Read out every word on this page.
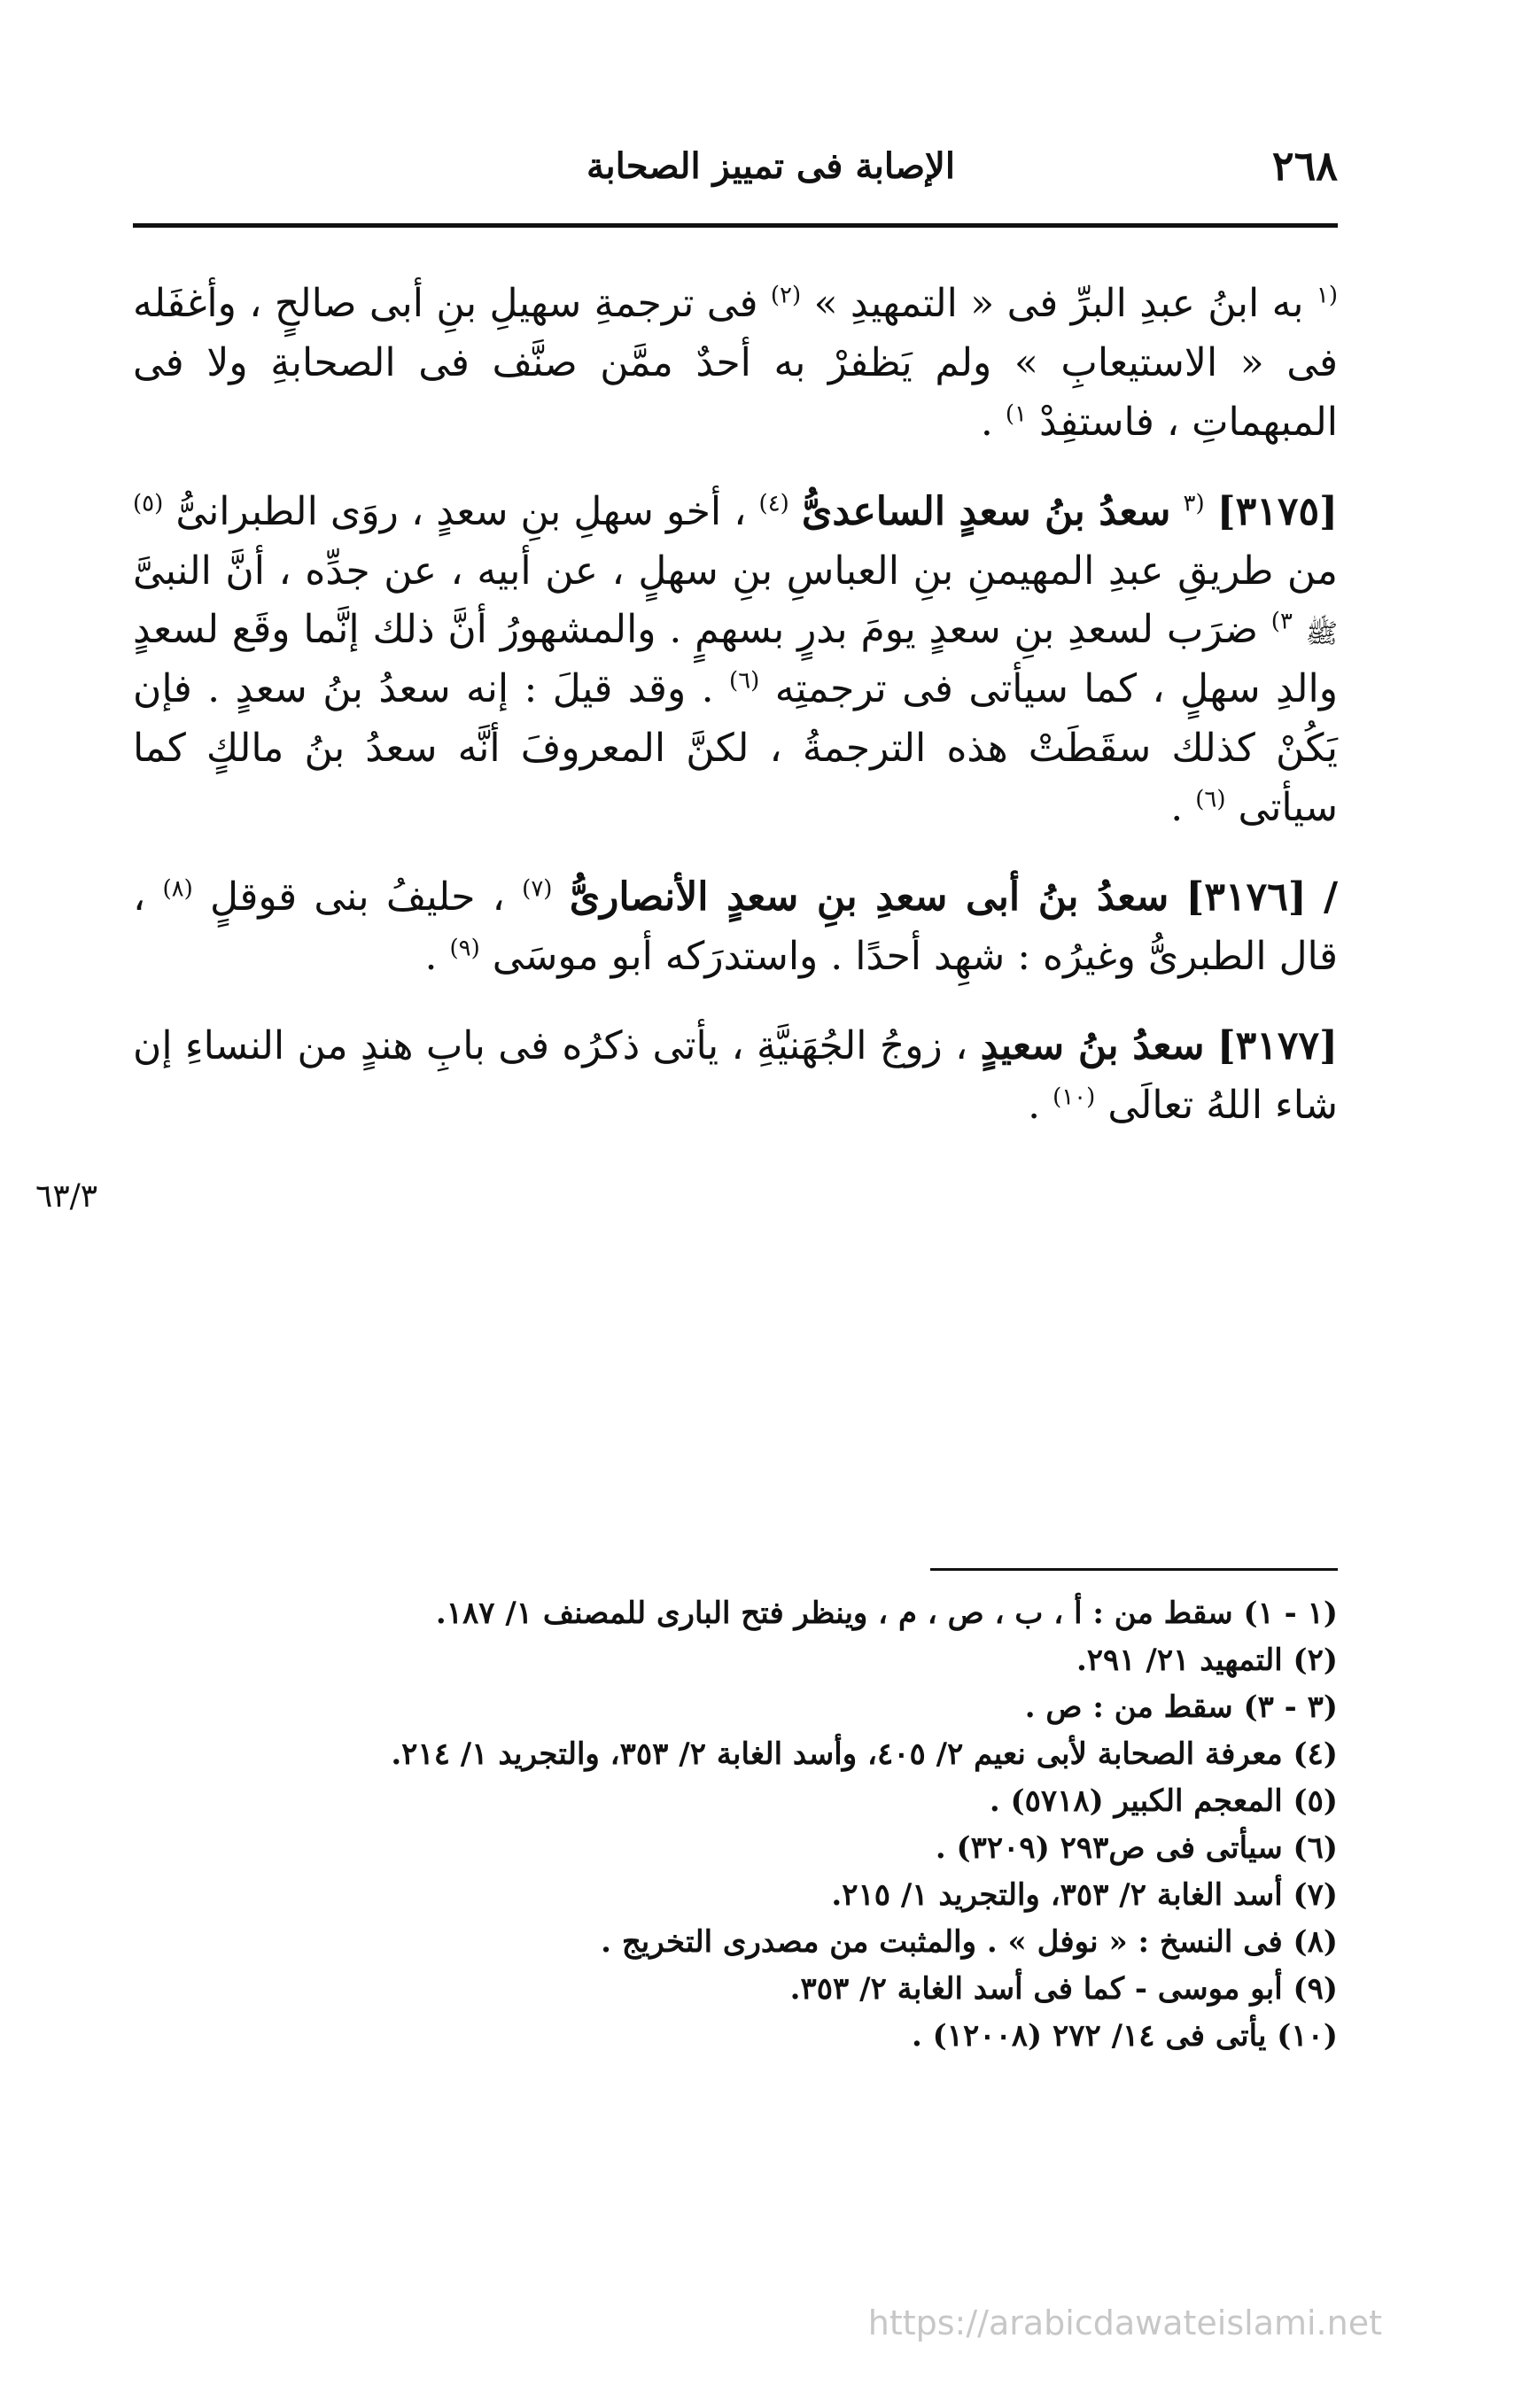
٢٦٨
الإصابة فى تمييز الصحابة
٦٣/٣

$^{(١}$ به ابنُ عبدِ البرِّ فى « التمهيدِ » $^{(٢)}$ فى ترجمةِ سهيلِ بنِ أبى صالحٍ ، وأغفَله فى « الاستيعابِ » ولم يَظفرْ به أحدٌ ممَّن صنَّف فى الصحابةِ ولا فى المبهماتِ ، فاستفِدْ $^{١)}$ .

[٣١٧٥] $^{(٣}$ سعدُ بنُ سعدٍ الساعدىُّ $^{(٤)}$ ، أخو سهلِ بنِ سعدٍ ، روَى الطبرانىُّ $^{(٥)}$ من طريقِ عبدِ المهيمنِ بنِ العباسِ بنِ سهلٍ ، عن أبيه ، عن جدِّه ، أنَّ النبىَّ ﷺ $^{٣)}$ ضرَب لسعدِ بنِ سعدٍ يومَ بدرٍ بسهمٍ . والمشهورُ أنَّ ذلك إنَّما وقَع لسعدٍ والدِ سهلٍ ، كما سيأتى فى ترجمتِه $^{(٦)}$ . وقد قيلَ : إنه سعدُ بنُ سعدٍ . فإن يَكُنْ كذلك سقَطَتْ هذه الترجمةُ ، لكنَّ المعروفَ أنَّه سعدُ بنُ مالكٍ كما سيأتى $^{(٦)}$ .

/ [٣١٧٦] سعدُ بنُ أبى سعدِ بنِ سعدٍ الأنصارىُّ $^{(٧)}$ ، حليفُ بنى قوقلٍ $^{(٨)}$ ، قال الطبرىُّ وغيرُه : شهِد أحدًا . واستدرَكه أبو موسَى $^{(٩)}$ .

[٣١٧٧] سعدُ بنُ سعيدٍ ، زوجُ الجُهَنيَّةِ ، يأتى ذكرُه فى بابِ هندٍ من النساءِ إن شاء اللهُ تعالَى $^{(١٠)}$ .

(١ - ١) سقط من : أ ، ب ، ص ، م ، وينظر فتح البارى للمصنف ١/ ١٨٧.

(٢) التمهيد ٢١/ ٢٩١.

(٣ - ٣) سقط من : ص .

(٤) معرفة الصحابة لأبى نعيم ٢/ ٤٠٥، وأسد الغابة ٢/ ٣٥٣، والتجريد ١/ ٢١٤.

(٥) المعجم الكبير (٥٧١٨) .

(٦) سيأتى فى ص٢٩٣ (٣٢٠٩) .

(٧) أسد الغابة ٢/ ٣٥٣، والتجريد ١/ ٢١٥.

(٨) فى النسخ : « نوفل » . والمثبت من مصدرى التخريج .

(٩) أبو موسى - كما فى أسد الغابة ٢/ ٣٥٣.

(١٠) يأتى فى ١٤/ ٢٧٢ (١٢٠٠٨) .

https://arabicdawateislami.net
